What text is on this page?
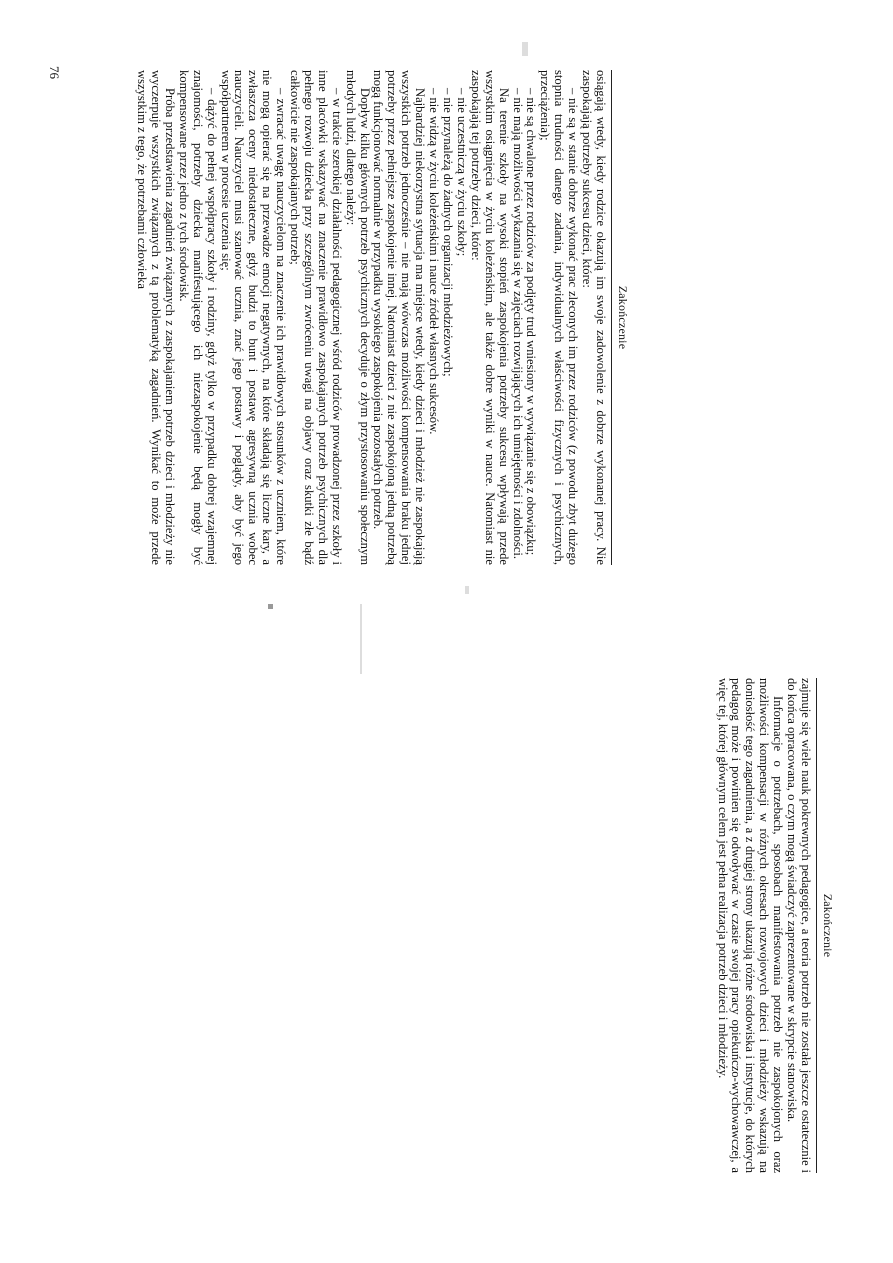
Zakończenie

osiągają wtedy, kiedy rodzice okazują im swoje zadowolenie z dobrze wykonanej pracy. Nie zaspokajają potrzeby sukcesu dzieci, które:

– nie są w stanie dobrze wykonać prac zleconych im przez rodziców (z powodu zbyt dużego stopnia trudności danego zadania, indywidualnych właściwości fizycznych i psychicznych, przeciążenia);

– nie są chwalone przez rodziców za podjęty trud wniesiony w wywiązanie się z obowiązku;

– nie mają możliwości wykazania się w zajęciach rozwijających ich umiejętności i zdolności.

Na terenie szkoły na wysoki stopień zaspokojenia potrzeby sukcesu wpływają przede wszystkim osiągnięcia w życiu koleżeńskim, ale także dobre wyniki w nauce. Natomiast nie zaspokajają tej potrzeby dzieci, które:

– nie uczestniczą w życiu szkoły;

– nie przynależą do żadnych organizacji młodzieżowych;

– nie widzą w życiu koleżeńskim i nauce źródeł własnych sukcesów.

Najbardziej niekorzystna sytuacja ma miejsce wtedy, kiedy dzieci i młodzież nie zaspokajają wszystkich potrzeb jednocześnie – nie mają wówczas możliwości kompensowania braku jednej potrzeby przez pełniejsze zaspokojenie innej. Natomiast dzieci z nie zaspokojoną jedną potrzebą mogą funkcjonować normalnie w przypadku wysokiego zaspokojenia pozostałych potrzeb.

Dopływ kilku głównych potrzeb psychicznych decyduje o złym przystosowaniu społecznym młodych ludzi, dlatego należy:

– w trakcie szerokiej działalności pedagogicznej wśród rodziców prowadzonej przez szkoły i inne placówki wskazywać na znaczenie prawidłowo zaspokajanych potrzeb psychicznych dla pełnego rozwoju dziecka przy szczególnym zwróceniu uwagi na objawy oraz skutki złe bądź całkowicie nie zaspokajanych potrzeb;

– zwracać uwagę nauczycielom na znaczenie ich prawidłowych stosunków z uczniem, które nie mogą opierać się na przewadze emocji negatywnych, na które składają się liczne kary, a zwłaszcza oceny niedostateczne, gdyż budzi to bunt i postawę agresywną ucznia wobec nauczycieli. Nauczyciel musi szanować ucznia, znać jego postawy i poglądy, aby być jego współpartnerem w procesie uczenia się;

– dążyć do pełnej współpracy szkoły i rodziny, gdyż tylko w przypadku dobrej wzajemnej znajomości, potrzeby dziecka manifestującego ich niezaspokojenie będą mogły być kompensowane przez jedno z tych środowisk.

Próba przedstawienia zagadnień związanych z zaspokajaniem potrzeb dzieci i młodzieży nie wyczerpuje wszystkich związanych z tą problematyką zagadnień. Wynikać to może przede wszystkim z tego, że potrzebami człowieka

76
Zakończenie

zajmuje się wiele nauk pokrewnych pedagogice, a teoria potrzeb nie została jeszcze ostatecznie i do końca opracowana, o czym mogą świadczyć zaprezentowane w skrypcie stanowiska.

Informacje o potrzebach, sposobach manifestowania potrzeb nie zaspokojonych oraz możliwości kompensacji w różnych okresach rozwojowych dzieci i młodzieży wskazują na doniosłość tego zagadnienia, a z drugiej strony ukazują różne środowiska i instytucje, do których pedagog może i powinien się odwoływać w czasie swojej pracy opiekuńczo-wychowawczej, a więc tej, której głównym celem jest pełna realizacja potrzeb dzieci i młodzieży.
